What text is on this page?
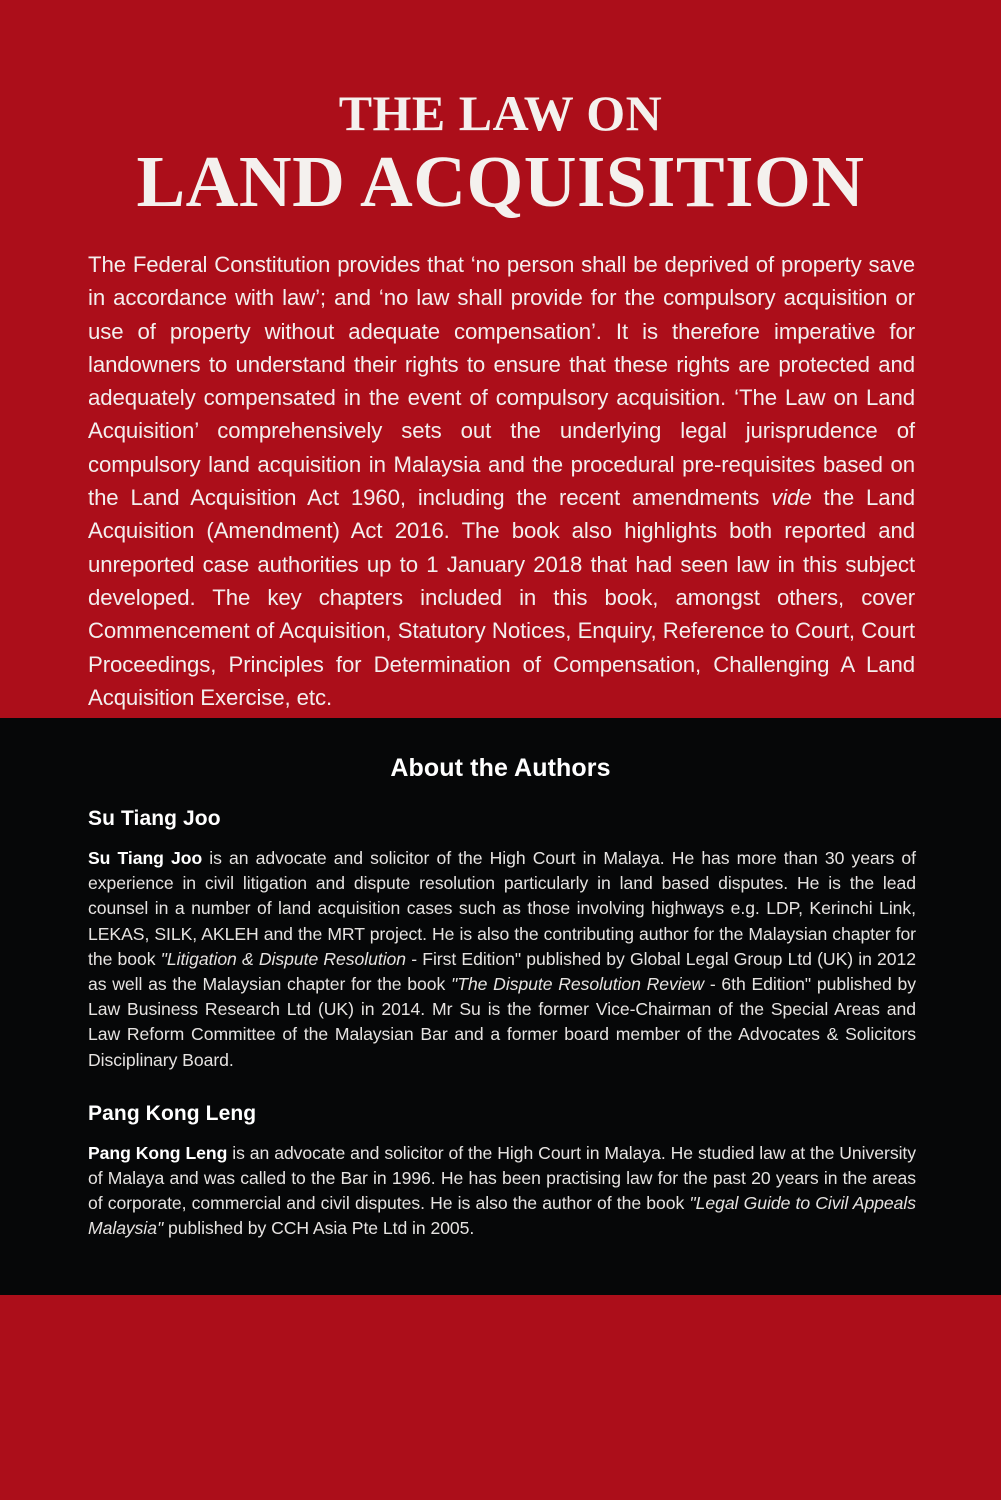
THE LAW ON
LAND ACQUISITION
The Federal Constitution provides that ‘no person shall be deprived of property save in accordance with law’; and ‘no law shall provide for the compulsory acquisition or use of property without adequate compensation’. It is therefore imperative for landowners to understand their rights to ensure that these rights are protected and adequately compensated in the event of compulsory acquisition. ‘The Law on Land Acquisition’ comprehensively sets out the underlying legal jurisprudence of compulsory land acquisition in Malaysia and the procedural pre-requisites based on the Land Acquisition Act 1960, including the recent amendments vide the Land Acquisition (Amendment) Act 2016. The book also highlights both reported and unreported case authorities up to 1 January 2018 that had seen law in this subject developed. The key chapters included in this book, amongst others, cover Commencement of Acquisition, Statutory Notices, Enquiry, Reference to Court, Court Proceedings, Principles for Determination of Compensation, Challenging A Land Acquisition Exercise, etc.
About the Authors
Su Tiang Joo

Su Tiang Joo is an advocate and solicitor of the High Court in Malaya. He has more than 30 years of experience in civil litigation and dispute resolution particularly in land based disputes. He is the lead counsel in a number of land acquisition cases such as those involving highways e.g. LDP, Kerinchi Link, LEKAS, SILK, AKLEH and the MRT project. He is also the contributing author for the Malaysian chapter for the book "Litigation & Dispute Resolution - First Edition" published by Global Legal Group Ltd (UK) in 2012 as well as the Malaysian chapter for the book "The Dispute Resolution Review - 6th Edition" published by Law Business Research Ltd (UK) in 2014. Mr Su is the former Vice-Chairman of the Special Areas and Law Reform Committee of the Malaysian Bar and a former board member of the Advocates & Solicitors Disciplinary Board.

Pang Kong Leng

Pang Kong Leng is an advocate and solicitor of the High Court in Malaya. He studied law at the University of Malaya and was called to the Bar in 1996. He has been practising law for the past 20 years in the areas of corporate, commercial and civil disputes. He is also the author of the book "Legal Guide to Civil Appeals Malaysia" published by CCH Asia Pte Ltd in 2005.
